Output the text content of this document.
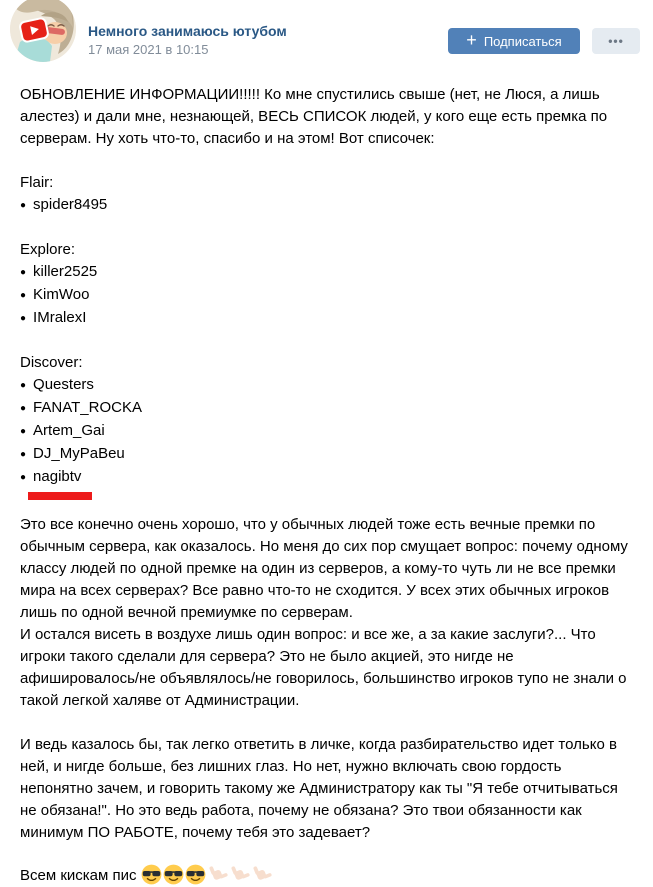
Немного занимаюсь ютубом
17 мая 2021 в 10:15	+ Подписаться	•••
ОБНОВЛЕНИЕ ИНФОРМАЦИИ!!!!! Ко мне спустились свыше (нет, не Люся, а лишь алестез) и дали мне, незнающей, ВЕСЬ СПИСОК людей, у кого еще есть премка по серверам. Ну хоть что-то, спасибо и на этом! Вот списочек:
Flair:
● spider8495
Explore:
● killer2525
● KimWoo
● IMralexI
Discover:
● Questers
● FANAT_ROCKA
● Artem_Gai
● DJ_MyPaBeu
● nagibtv
Это все конечно очень хорошо, что у обычных людей тоже есть вечные премки по обычным сервера, как оказалось. Но меня до сих пор смущает вопрос: почему одному классу людей по одной премке на один из серверов, а кому-то чуть ли не все премки мира на всех серверах? Все равно что-то не сходится. У всех этих обычных игроков лишь по одной вечной премиумке по серверам.
И остался висеть в воздухе лишь один вопрос: и все же, а за какие заслуги?... Что игроки такого сделали для сервера? Это не было акцией, это нигде не афишировалось/не объявлялось/не говорилось, большинство игроков тупо не знали о такой легкой халяве от Администрации.
И ведь казалось бы, так легко ответить в личке, когда разбирательство идет только в ней, и нигде больше, без лишних глаз. Но нет, нужно включать свою гордость непонятно зачем, и говорить такому же Администратору как ты "Я тебе отчитываться не обязана!". Но это ведь работа, почему не обязана? Это твои обязанности как минимум ПО РАБОТЕ, почему тебя это задевает?
Всем кискам пис
